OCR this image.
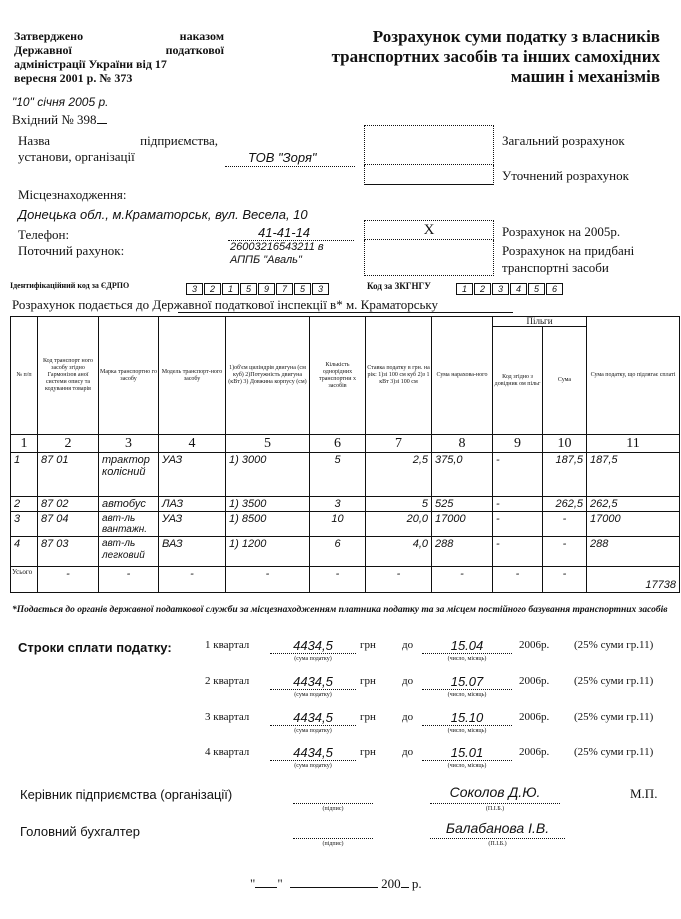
Затверджено наказом
Державної податкової
адміністрації України від 17
вересня 2001 р. № 373
"10" січня 2005 р.
Вхідний № 398
Розрахунок суми податку з власників
транспортних засобів та інших самохідних
машин і механізмів
Назва	підприємства,
установи, організації	ТОВ "Зоря"
Місцезнаходження:
Донецька обл., м.Краматорськ, вул. Весела, 10
Телефон:	41-41-14
Поточний рахунок:	26003216543211 в
АППБ "Аваль"
Загальний розрахунок
Уточнений розрахунок
X	Розрахунок на 2005р.
Розрахунок на придбані
транспортні засоби
Ідентифікаційний код за ЄДРПО	3 2 1 5 9 7 5 3	Код за ЗКГНГУ	1 2 3 4 5 6
Розрахунок подається до Державної податкової інспекції в* м. Краматорську
№ п/п	Код транспорт ного засобу згідно Гармонізов аної системи опису та кодування товарів	Марка транспортно го засобу	Модель транспорт-ного засобу	1)об'єм циліндрів двигуна (см куб) 2)Потужність двигуна (кВт) 3) Довжина корпусу (см)	Кількість однорідних транспортни х засобів	Ставка податку в грн. на рік: 1)зі 100 см куб 2)з 1 кВт 3)зі 100 см	Сума нарахова-ного	Пільги		Сума податку, що підлягає сплаті
								Код згідно з довідник ом пільг	Сума	
1	2	3	4	5	6	7	8	9	10	11
1	87 01	трактор колісний	УАЗ	1) 3000	5	2,5	375,0	-	187,5	187,5
2	87 02	автобус	ЛАЗ	1) 3500	3	5	525	-	262,5	262,5
3	87 04	авт-ль вантажн.	УАЗ	1) 8500	10	20,0	17000	-	-	17000
4	87 03	авт-ль легковий	ВАЗ	1) 1200	6	4,0	288	-	-	288
Усього	-	-	-	-	-	-	-	-	-	17738
*Подається до органів державної податкової служби за місцезнаходженням платника податку та за місцем постійного базування транспортних засобів
Строки сплати податку:	1 квартал	4434,5
(сума податку)
грн до	15.04
(число, місяць)
2006р. (25% суми гр.11)
2 квартал	4434,5
(сума податку)
грн до	15.07
(число, місяць)
2006р. (25% суми гр.11)
3 квартал	4434,5
(сума податку)
грн до	15.10
(число, місяць)
2006р. (25% суми гр.11)
4 квартал	4434,5
(сума податку)
грн до	15.01
(число, місяць)
2006р. (25% суми гр.11)
Керівник підприємства (організації)
(підпис)
Соколов Д.Ю.
(П.І.Б.)
М.П.
Головний бухгалтер
(підпис)
Балабанова І.В.
(П.І.Б.)
" "	200 р.
